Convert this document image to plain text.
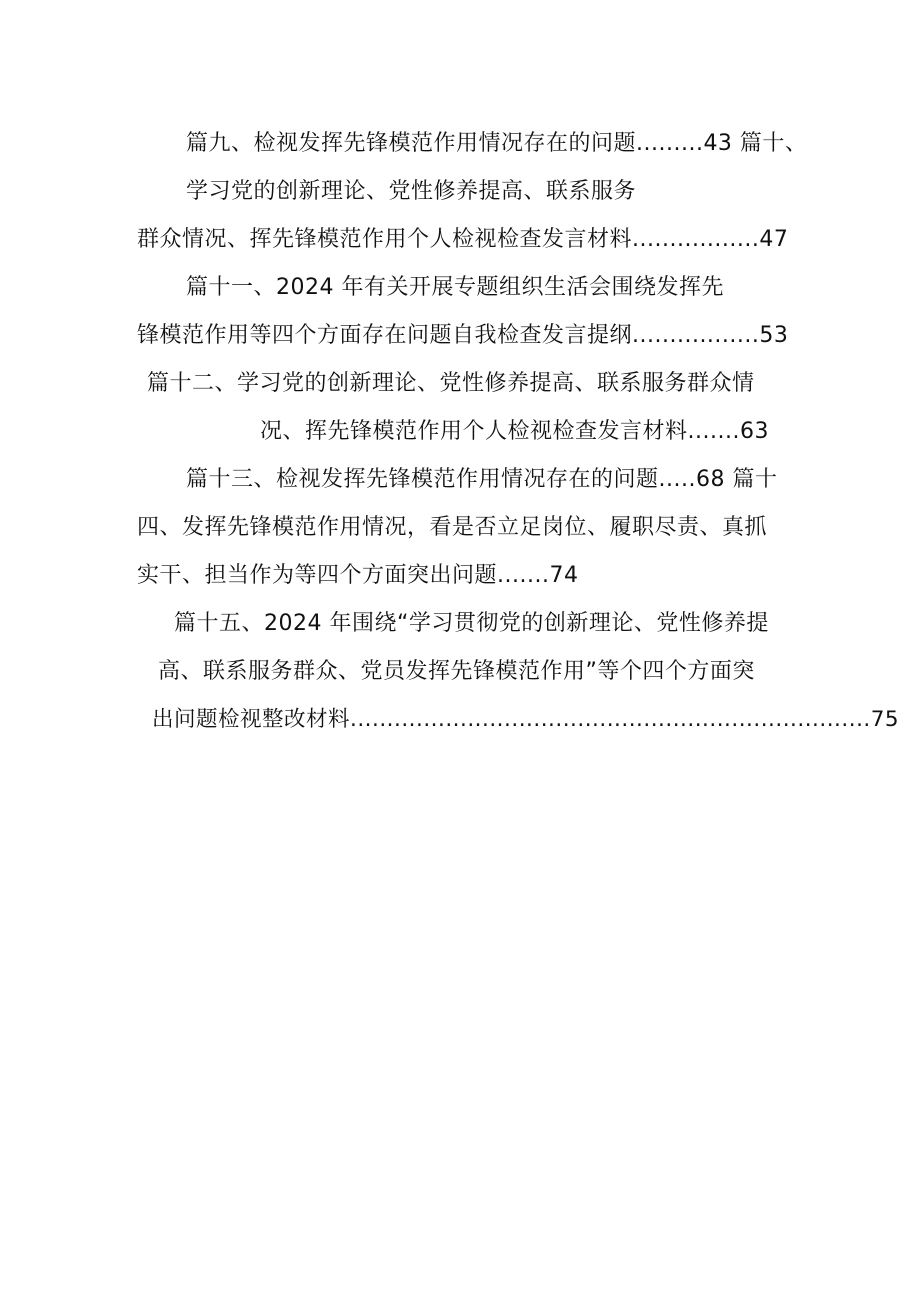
篇九、检视发挥先锋模范作用情况存在的问题.........43 篇十、
学习党的创新理论、党性修养提高、联系服务
群众情况、挥先锋模范作用个人检视检查发言材料.................47
篇十一、2024 年有关开展专题组织生活会围绕发挥先
锋模范作用等四个方面存在问题自我检查发言提纲.................53
篇十二、学习党的创新理论、党性修养提高、联系服务群众情
况、挥先锋模范作用个人检视检查发言材料.......63
篇十三、检视发挥先锋模范作用情况存在的问题.....68 篇十
四、发挥先锋模范作用情况，看是否立足岗位、履职尽责、真抓
实干、担当作为等四个方面突出问题.......74
篇十五、2024 年围绕“学习贯彻党的创新理论、党性修养提
高、联系服务群众、党员发挥先锋模范作用”等个四个方面突
出问题检视整改材料.......................................................................75
